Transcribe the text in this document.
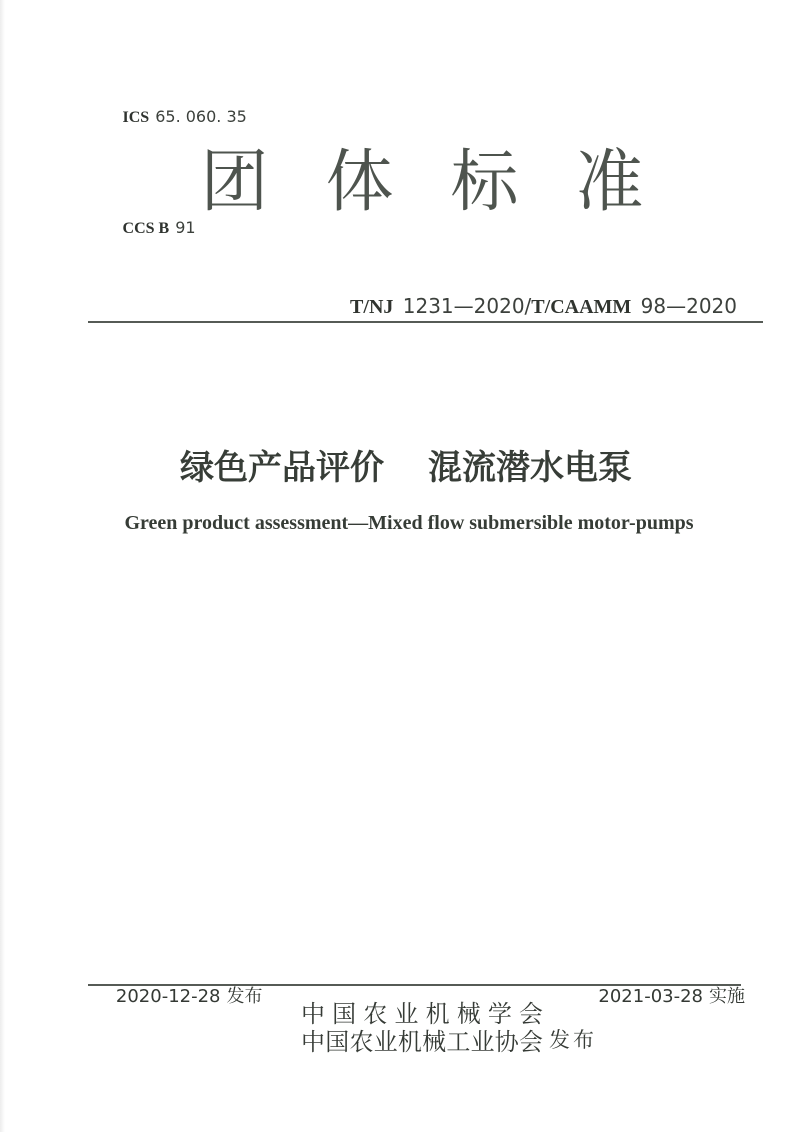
ICS 65. 060. 35

CCS B 91

团体标准

T/NJ 1231—2020/T/CAAMM 98—2020

绿色产品评价 混流潜水电泵

Green product assessment—Mixed flow submersible motor-pumps

2020-12-28 发布
	2021-03-28 实施

中国农业机械学会
中国农业机械工业协会 发布
